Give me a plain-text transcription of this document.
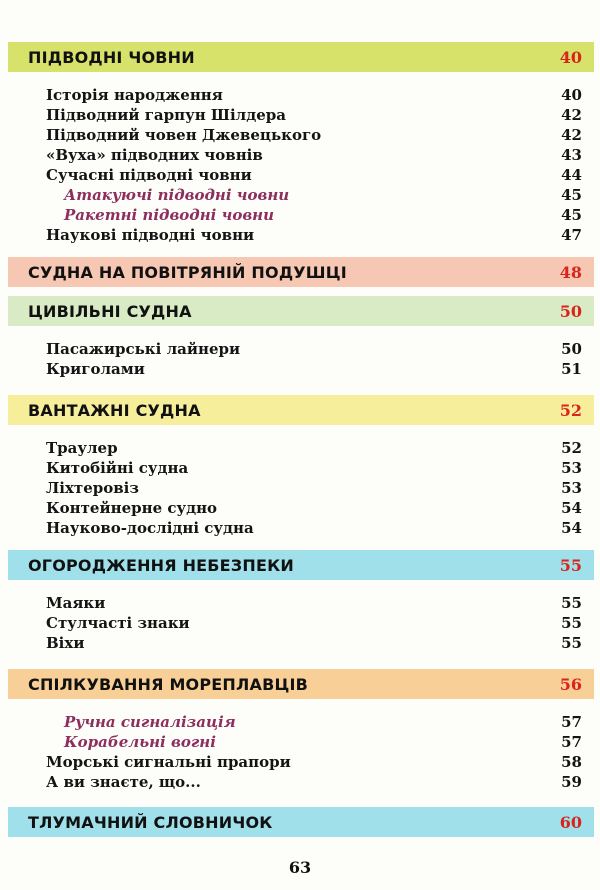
ПІДВОДНІ ЧОВНИ	40
Історія народження	40
Підводний гарпун Шілдера	42
Підводний човен Джевецького	42
«Вуха» підводних човнів	43
Сучасні підводні човни	44
Атакуючі підводні човни	45
Ракетні підводні човни	45
Наукові підводні човни	47
СУДНА НА ПОВІТРЯНІЙ ПОДУШЦІ	48
ЦИВІЛЬНІ СУДНА	50
Пасажирські лайнери	50
Криголами	51
ВАНТАЖНІ СУДНА	52
Траулер	52
Китобійні судна	53
Ліхтеровіз	53
Контейнерне судно	54
Науково-дослідні судна	54
ОГОРОДЖЕННЯ НЕБЕЗПЕКИ	55
Маяки	55
Стулчасті знаки	55
Віхи	55
СПІЛКУВАННЯ МОРЕПЛАВЦІВ	56
Ручна сигналізація	57
Корабельні вогні	57
Морські сигнальні прапори	58
А ви знаєте, що...	59
ТЛУМАЧНИЙ СЛОВНИЧОК	60
63
